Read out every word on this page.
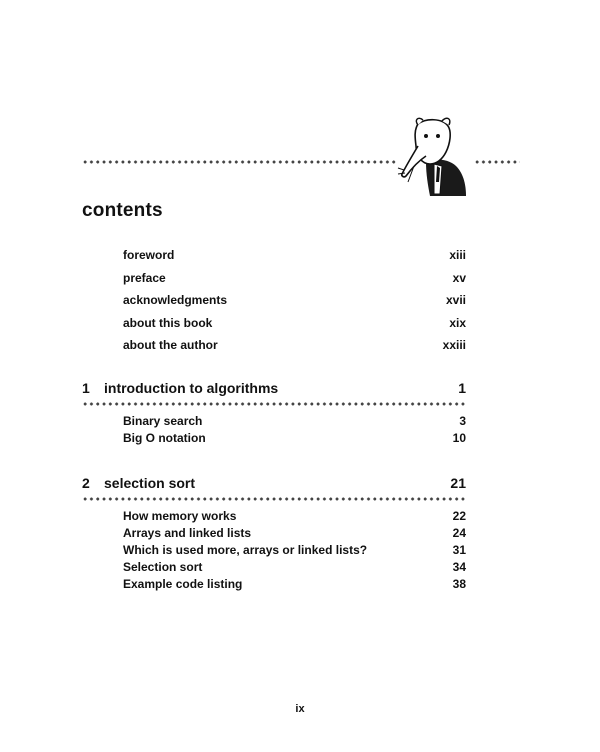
contents
foreword	xiii
preface	xv
acknowledgments	xvii
about this book	xix
about the author	xxiii
1	introduction to algorithms	1
Binary search	3
Big O notation	10
2	selection sort	21
How memory works	22
Arrays and linked lists	24
Which is used more, arrays or linked lists?	31
Selection sort	34
Example code listing	38
ix
